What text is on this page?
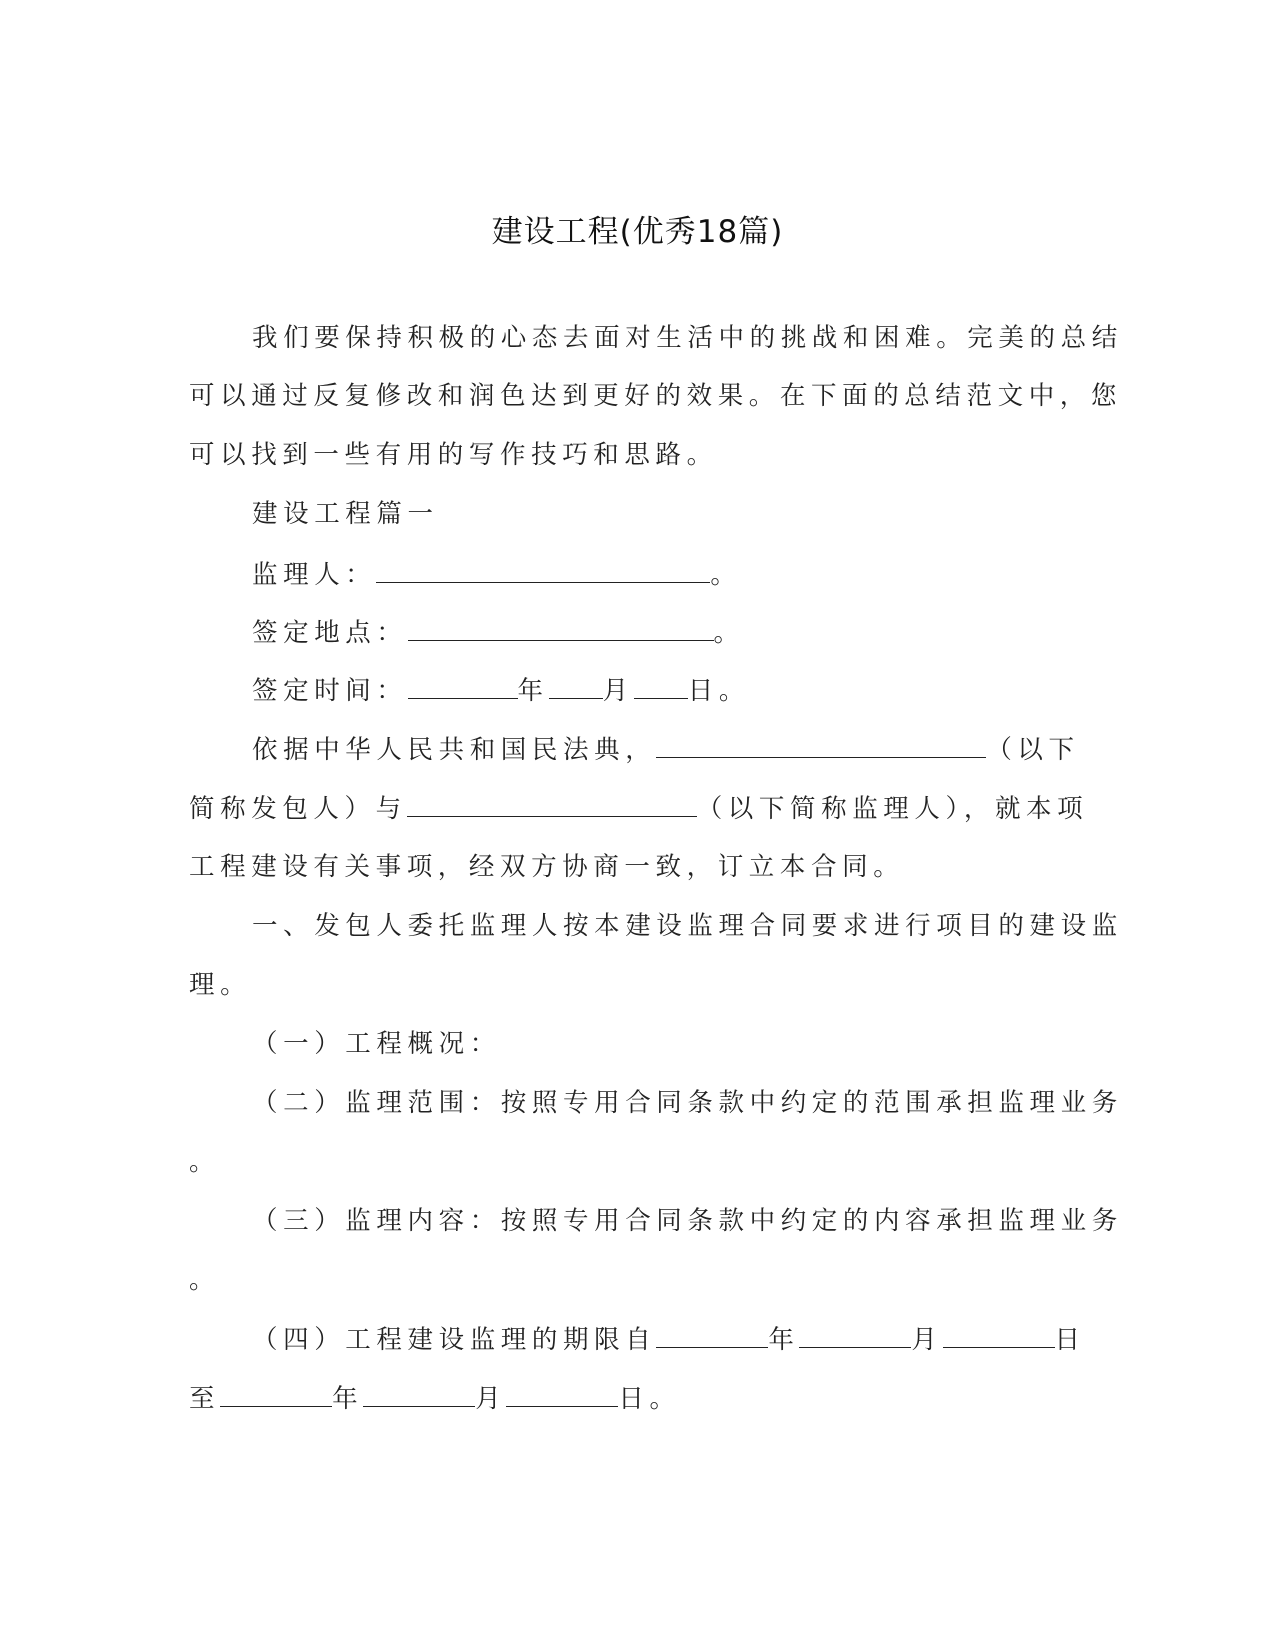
建设工程(优秀18篇)
我们要保持积极的心态去面对生活中的挑战和困难。完美的总结
可以通过反复修改和润色达到更好的效果。在下面的总结范文中，您
可以找到一些有用的写作技巧和思路。
建设工程篇一
监理人：	。
签定地点：	。
签定时间：	年 月 日。
依据中华人民共和国民法典，	（以下
简称发包人）与	（以下简称监理人），就本项
工程建设有关事项，经双方协商一致，订立本合同。
一、发包人委托监理人按本建设监理合同要求进行项目的建设监
理。
（一）工程概况：
（二）监理范围：按照专用合同条款中约定的范围承担监理业务
。
（三）监理内容：按照专用合同条款中约定的内容承担监理业务
。
（四）工程建设监理的期限自	年	月	日
至	年	月	日。
